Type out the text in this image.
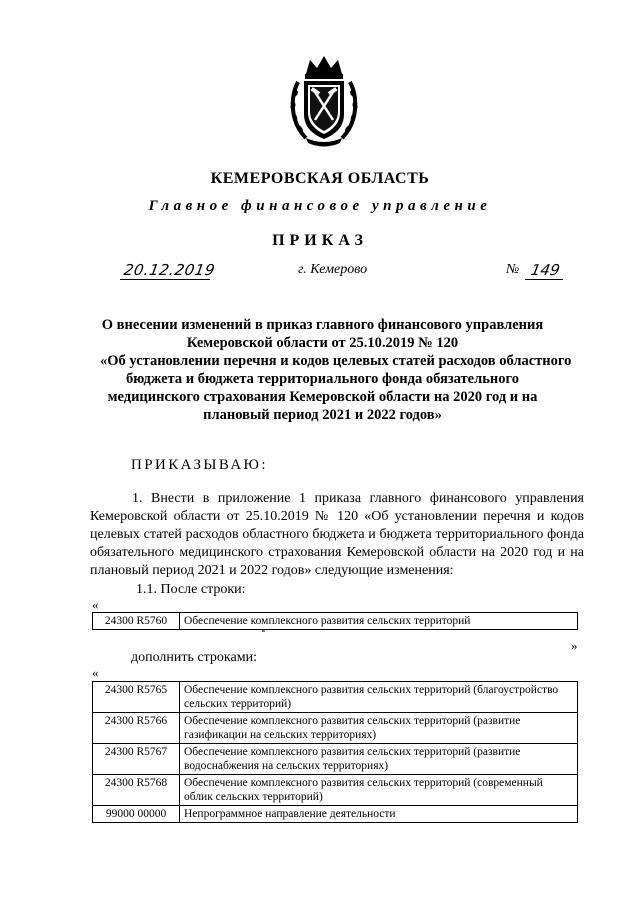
КЕМЕРОВСКАЯ ОБЛАСТЬ
Главное финансовое управление
ПРИКАЗ
20.12.2019	г. Кемерово	№ 149
О внесении изменений в приказ главного финансового управления
Кемеровской области от 25.10.2019 № 120
«Об установлении перечня и кодов целевых статей расходов областного
бюджета и бюджета территориального фонда обязательного
медицинского страхования Кемеровской области на 2020 год и на
плановый период 2021 и 2022 годов»
ПРИКАЗЫВАЮ:
1. Внести в приложение 1 приказа главного финансового управления Кемеровской области от 25.10.2019 № 120 «Об установлении перечня и кодов целевых статей расходов областного бюджета и бюджета территориального фонда обязательного медицинского страхования Кемеровской области на 2020 год и на плановый период 2021 и 2022 годов» следующие изменения:
1.1. После строки:
«
24300 R5760	Обеспечение комплексного развития сельских территорий
»
дополнить строками:
«
24300 R5765	Обеспечение комплексного развития сельских территорий (благоустройство сельских территорий)
24300 R5766	Обеспечение комплексного развития сельских территорий (развитие газификации на сельских территориях)
24300 R5767	Обеспечение комплексного развития сельских территорий (развитие водоснабжения на сельских территориях)
24300 R5768	Обеспечение комплексного развития сельских территорий (современный облик сельских территорий)
99000 00000	Непрограммное направление деятельности
